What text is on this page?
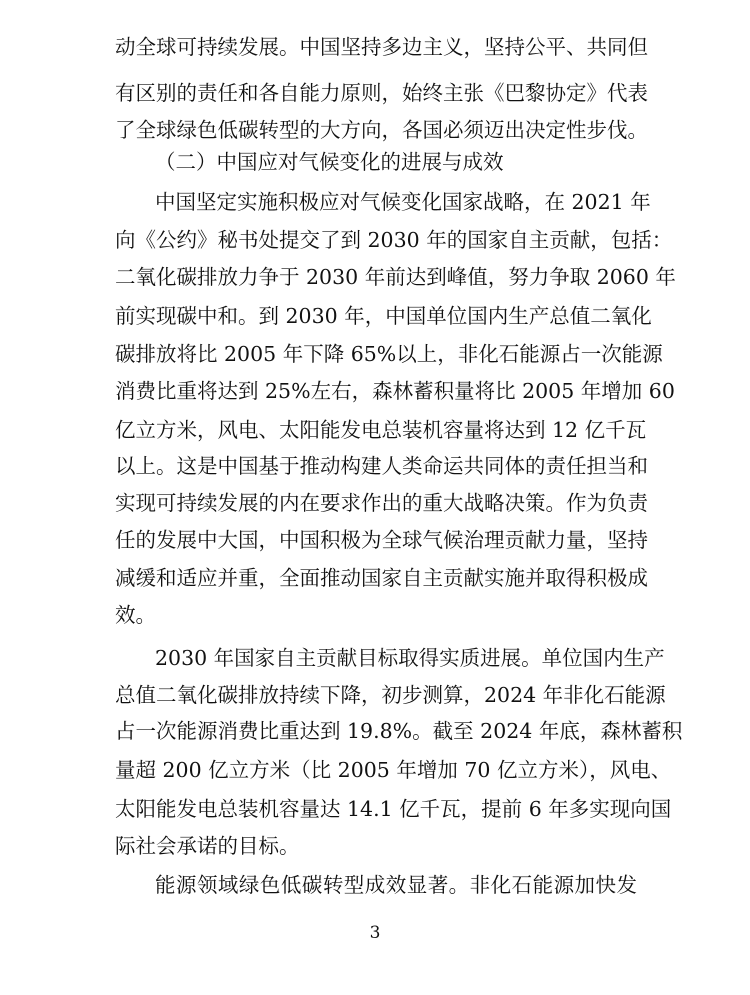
动全球可持续发展。中国坚持多边主义，坚持公平、共同但
有区别的责任和各自能力原则，始终主张《巴黎协定》代表
了全球绿色低碳转型的大方向，各国必须迈出决定性步伐。
（二）中国应对气候变化的进展与成效
中国坚定实施积极应对气候变化国家战略，在 2021 年
向《公约》秘书处提交了到 2030 年的国家自主贡献，包括：
二氧化碳排放力争于 2030 年前达到峰值，努力争取 2060 年
前实现碳中和。到 2030 年，中国单位国内生产总值二氧化
碳排放将比 2005 年下降 65%以上，非化石能源占一次能源
消费比重将达到 25%左右，森林蓄积量将比 2005 年增加 60
亿立方米，风电、太阳能发电总装机容量将达到 12 亿千瓦
以上。这是中国基于推动构建人类命运共同体的责任担当和
实现可持续发展的内在要求作出的重大战略决策。作为负责
任的发展中大国，中国积极为全球气候治理贡献力量，坚持
减缓和适应并重，全面推动国家自主贡献实施并取得积极成
效。
2030 年国家自主贡献目标取得实质进展。单位国内生产
总值二氧化碳排放持续下降，初步测算，2024 年非化石能源
占一次能源消费比重达到 19.8%。截至 2024 年底，森林蓄积
量超 200 亿立方米（比 2005 年增加 70 亿立方米），风电、
太阳能发电总装机容量达 14.1 亿千瓦，提前 6 年多实现向国
际社会承诺的目标。
能源领域绿色低碳转型成效显著。非化石能源加快发
3
